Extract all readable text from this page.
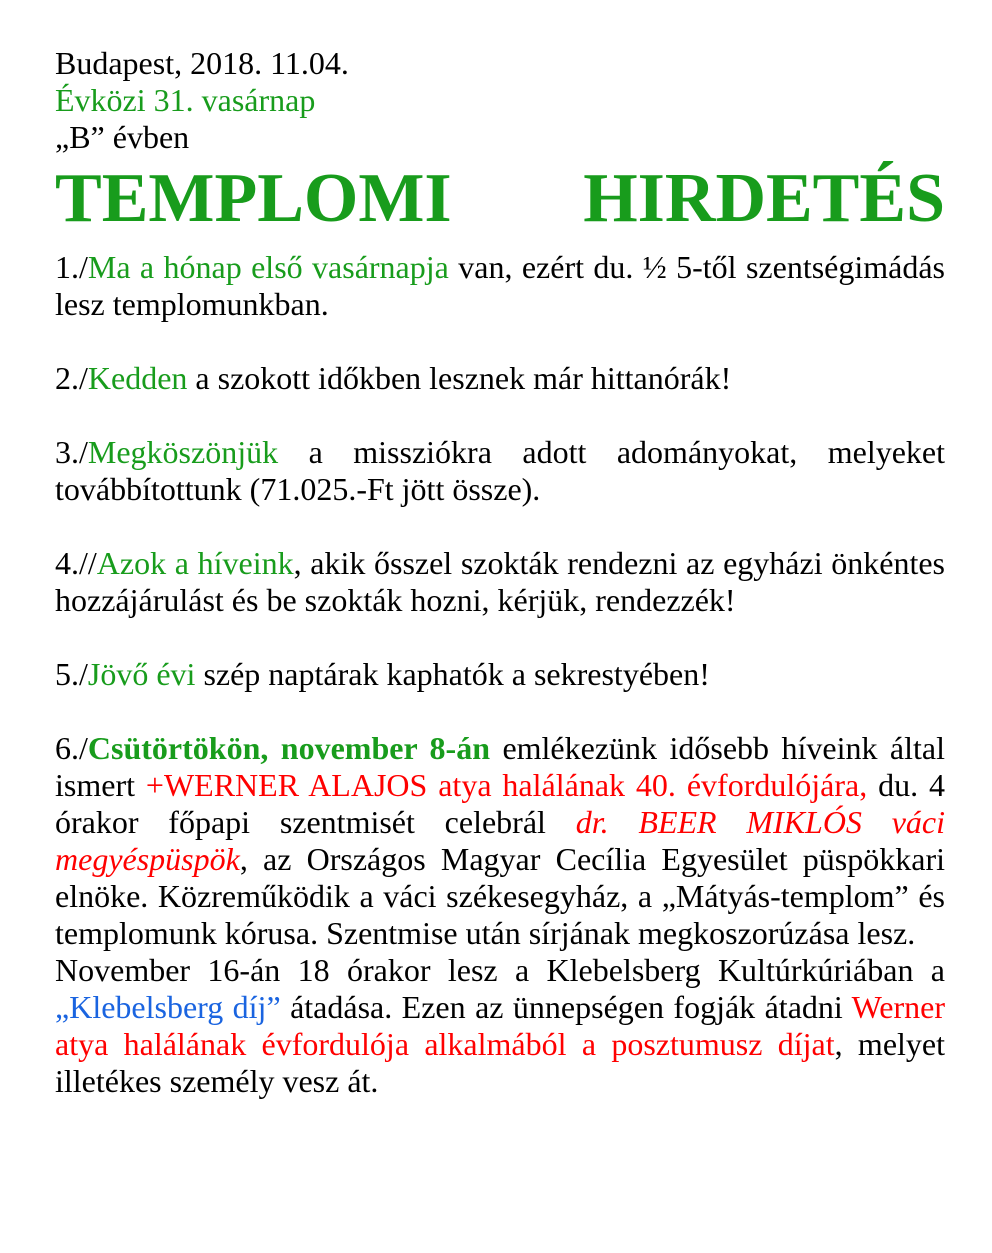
Budapest, 2018. 11.04.
Évközi 31. vasárnap
„B” évben
TEMPLOMI HIRDETÉS

1./Ma a hónap első vasárnapja van, ezért du. ½ 5-től szentségimádás lesz templomunkban.

2./Kedden a szokott időkben lesznek már hittanórák!

3./Megköszönjük a missziókra adott adományokat, melyeket továbbítottunk (71.025.-Ft jött össze).

4.//Azok a híveink, akik ősszel szokták rendezni az egyházi önkéntes hozzájárulást és be szokták hozni, kérjük, rendezzék!

5./Jövő évi szép naptárak kaphatók a sekrestyében!

6./Csütörtökön, november 8-án emlékezünk idősebb híveink által ismert +WERNER ALAJOS atya halálának 40. évfordulójára, du. 4 órakor főpapi szentmisét celebrál dr. BEER MIKLÓS váci megyéspüspök, az Országos Magyar Cecília Egyesület püspökkari elnöke. Közreműködik a váci székesegyház, a „Mátyás-templom” és templomunk kórusa. Szentmise után sírjának megkoszorúzása lesz.

November 16-án 18 órakor lesz a Klebelsberg Kultúrkúriában a „Klebelsberg díj” átadása. Ezen az ünnepségen fogják átadni Werner atya halálának évfordulója alkalmából a posztumusz díjat, melyet illetékes személy vesz át.
